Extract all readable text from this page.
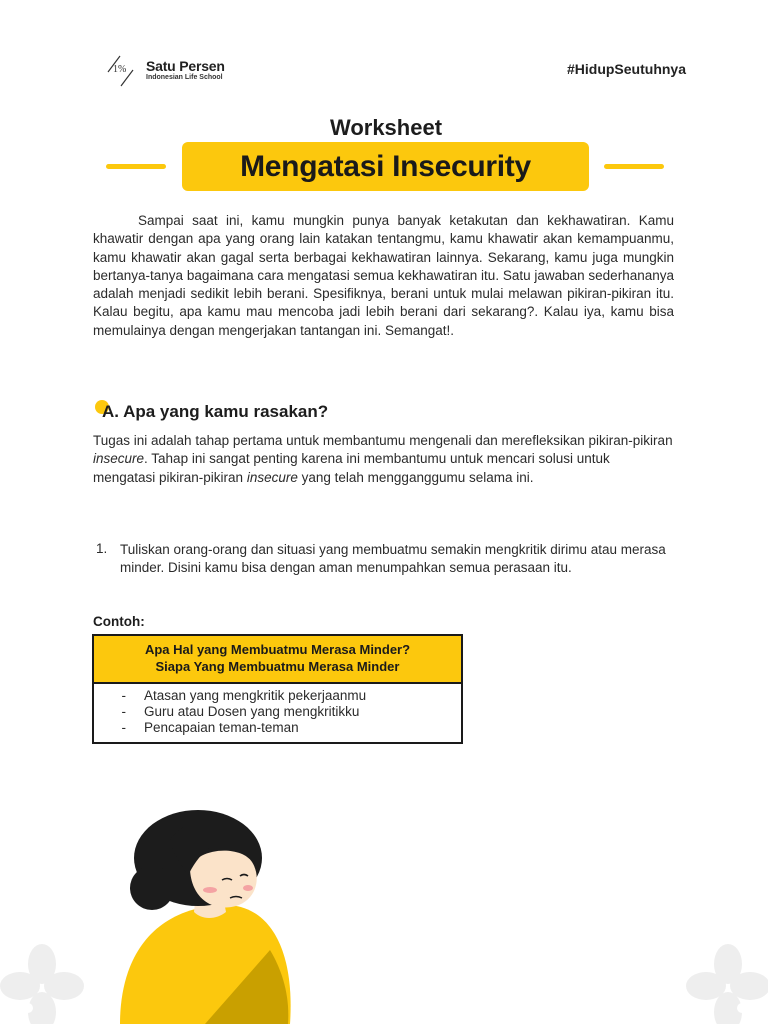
1% Satu Persen
Indonesian Life School
#HidupSeutuhnya
Worksheet
Mengatasi Insecurity

Sampai saat ini, kamu mungkin punya banyak ketakutan dan kekhawatiran. Kamu khawatir dengan apa yang orang lain katakan tentangmu, kamu khawatir akan kemampuanmu, kamu khawatir akan gagal serta berbagai kekhawatiran lainnya. Sekarang, kamu juga mungkin bertanya-tanya bagaimana cara mengatasi semua kekhawatiran itu. Satu jawaban sederhananya adalah menjadi sedikit lebih berani. Spesifiknya, berani untuk mulai melawan pikiran-pikiran itu. Kalau begitu, apa kamu mau mencoba jadi lebih berani dari sekarang?. Kalau iya, kamu bisa memulainya dengan mengerjakan tantangan ini. Semangat!.

A. Apa yang kamu rasakan?

Tugas ini adalah tahap pertama untuk membantumu mengenali dan merefleksikan pikiran-pikiran insecure. Tahap ini sangat penting karena ini membantumu untuk mencari solusi untuk mengatasi pikiran-pikiran insecure yang telah mengganggumu selama ini.

1. Tuliskan orang-orang dan situasi yang membuatmu semakin mengkritik dirimu atau merasa minder. Disini kamu bisa dengan aman menumpahkan semua perasaan itu.

Contoh:
Apa Hal yang Membuatmu Merasa Minder?
Siapa Yang Membuatmu Merasa Minder
-	Atasan yang mengkritik pekerjaanmu
-	Guru atau Dosen yang mengkritikku
-	Pencapaian teman-teman
